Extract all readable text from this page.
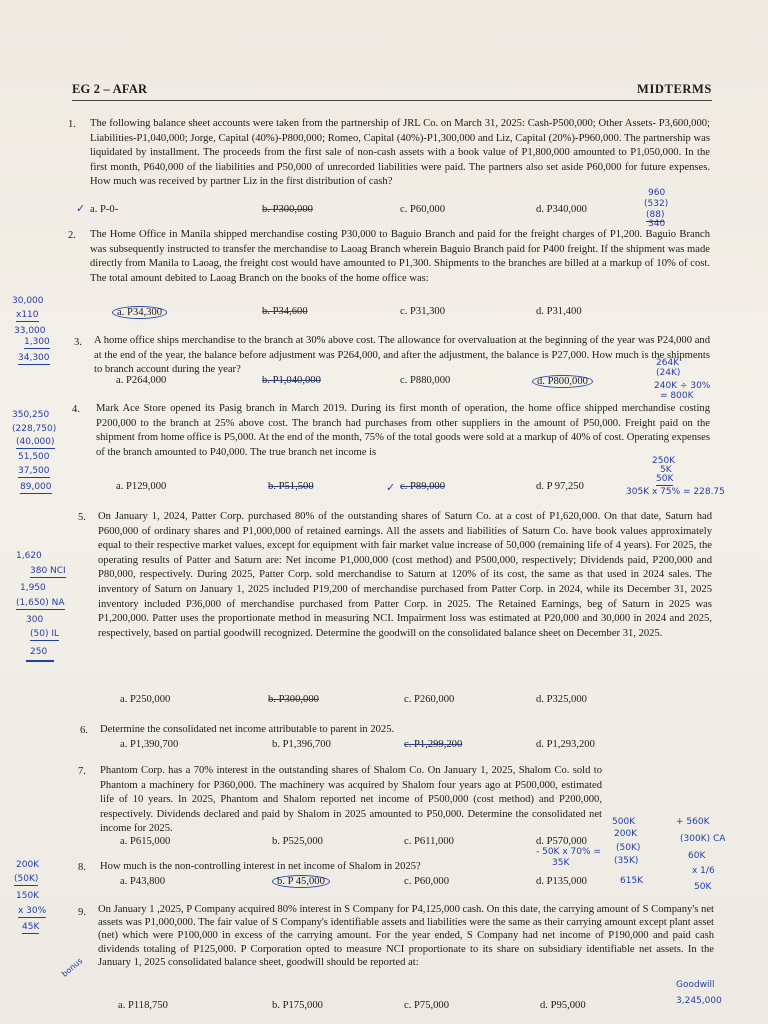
EG 2 – AFAR	MIDTERMS
1. The following balance sheet accounts were taken from the partnership of JRL Co. on March 31, 2025: Cash-P500,000; Other Assets- P3,600,000; Liabilities-P1,040,000; Jorge, Capital (40%)-P800,000; Romeo, Capital (40%)-P1,300,000 and Liz, Capital (20%)-P960,000. The partnership was liquidated by installment. The proceeds from the first sale of non-cash assets with a book value of P1,800,000 amounted to P1,050,000. In the first month, P640,000 of the liabilities and P50,000 of unrecorded liabilities were paid. The partners also set aside P60,000 for future expenses. How much was received by partner Liz in the first distribution of cash?
a. P-0-	b. P300,000	c. P60,000	d. P340,000
2. The Home Office in Manila shipped merchandise costing P30,000 to Baguio Branch and paid for the freight charges of P1,200. Baguio Branch was subsequently instructed to transfer the merchandise to Laoag Branch wherein Baguio Branch paid for P400 freight. If the shipment was made directly from Manila to Laoag, the freight cost would have amounted to P1,300. Shipments to the branches are billed at a markup of 10% of cost. The total amount debited to Laoag Branch on the books of the home office was:
a. P34,300	b. P34,600	c. P31,300	d. P31,400
3. A home office ships merchandise to the branch at 30% above cost. The allowance for overvaluation at the beginning of the year was P24,000 and at the end of the year, the balance before adjustment was P264,000, and after the adjustment, the balance is P27,000. How much is the shipments to branch account during the year?
a. P264,000	b. P1,040,000	c. P880,000	d. P800,000
4. Mark Ace Store opened its Pasig branch in March 2019. During its first month of operation, the home office shipped merchandise costing P200,000 to the branch at 25% above cost. The branch had purchases from other suppliers in the amount of P50,000. Freight paid on the shipment from home office is P5,000. At the end of the month, 75% of the total goods were sold at a markup of 40% of cost. Operating expenses of the branch amounted to P40,000. The true branch net income is
a. P129,000	b. P51,500	c. P89,000	d. P 97,250
5. On January 1, 2024, Patter Corp. purchased 80% of the outstanding shares of Saturn Co. at a cost of P1,620,000. On that date, Saturn had P600,000 of ordinary shares and P1,000,000 of retained earnings. All the assets and liabilities of Saturn Co. have book values approximately equal to their respective market values, except for equipment with fair market value increase of 50,000 (remaining life of 4 years). For 2025, the operating results of Patter and Saturn are: Net income P1,000,000 (cost method) and P500,000, respectively; Dividends paid, P200,000 and P80,000, respectively. During 2025, Patter Corp. sold merchandise to Saturn at 120% of its cost, the same as that used in 2024 sales. The inventory of Saturn on January 1, 2025 included P19,200 of merchandise purchased from Patter Corp. in 2024, while its December 31, 2025 inventory included P36,000 of merchandise purchased from Patter Corp. in 2025. The Retained Earnings, beg of Saturn in 2025 was P1,200,000. Patter uses the proportionate method in measuring NCI. Impairment loss was estimated at P20,000 and 30,000 in 2024 and 2025, respectively, based on partial goodwill recognized. Determine the goodwill on the consolidated balance sheet on December 31, 2025.
a. P250,000	b. P300,000	c. P260,000	d. P325,000
6. Determine the consolidated net income attributable to parent in 2025.
a. P1,390,700	b. P1,396,700	c. P1,299,200	d. P1,293,200
7. Phantom Corp. has a 70% interest in the outstanding shares of Shalom Co. On January 1, 2025, Shalom Co. sold to Phantom a machinery for P360,000. The machinery was acquired by Shalom four years ago at P500,000, estimated life of 10 years. In 2025, Phantom and Shalom reported net income of P500,000 (cost method) and P200,000, respectively. Dividends declared and paid by Shalom in 2025 amounted to P50,000. Determine the consolidated net income for 2025.
a. P615,000	b. P525,000	c. P611,000	d. P570,000
8. How much is the non-controlling interest in net income of Shalom in 2025?
a. P43,800	b. P 45,000	c. P60,000	d. P135,000
9. On January 1 ,2025, P Company acquired 80% interest in S Company for P4,125,000 cash. On this date, the carrying amount of S Company's net assets was P1,000,000. The fair value of S Company's identifiable assets and liabilities were the same as their carrying amount except plant asset (net) which were P100,000 in excess of the carrying amount. For the year ended, S Company had net income of P190,000 and paid cash dividends totaling of P125,000. P Corporation opted to measure NCI proportionate to its share on subsidiary identifiable net assets. In the January 1, 2025 consolidated balance sheet, goodwill should be reported at:
a. P118,750	b. P175,000	c. P75,000	d. P95,000
960
(532)
(88)
340
30,000
x110
33,000
1,300
34,300	264K
(24K)
240K ÷ 30%
= 800K
350,250
(228,750)
(40,000)
51,500
37,500
89,000
250K
5K
50K
305K x 75% = 228.75
1,620
380 NCI
1,950
(1,650) NA
300
(50) IL
250
500K
200K
- 50K x 70% = (50K)
35K	(35K)
615K
+ 560K
(300K) CA
60K
x 1/6
50K
200K
(50K)
150K
x 30%
45K
bonus
Goodwill
3,245,000
✓
✓
